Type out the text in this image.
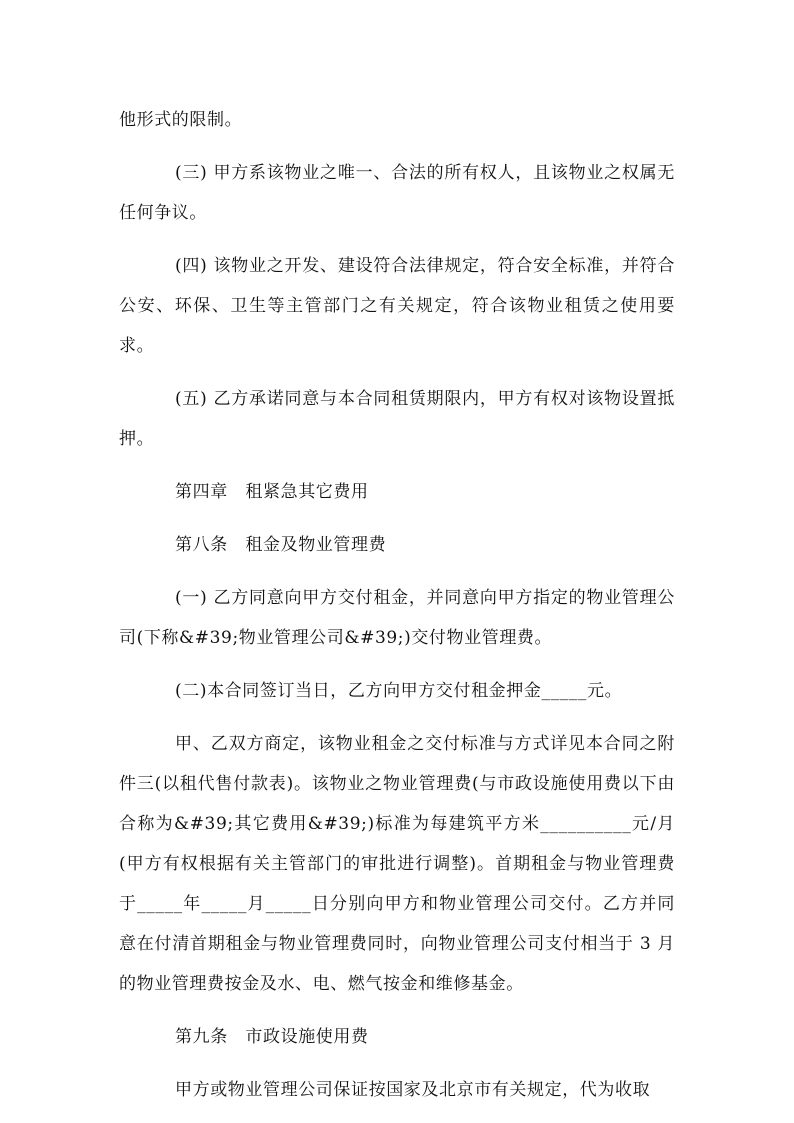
他形式的限制。

(三) 甲方系该物业之唯一、合法的所有权人，且该物业之权属无任何争议。

(四) 该物业之开发、建设符合法律规定，符合安全标准，并符合公安、环保、卫生等主管部门之有关规定，符合该物业租赁之使用要求。

(五) 乙方承诺同意与本合同租赁期限内，甲方有权对该物设置抵押。

第四章　租紧急其它费用

第八条　租金及物业管理费

(一) 乙方同意向甲方交付租金，并同意向甲方指定的物业管理公司(下称&#39;物业管理公司&#39;)交付物业管理费。

(二)本合同签订当日，乙方向甲方交付租金押金_____元。

甲、乙双方商定，该物业租金之交付标准与方式详见本合同之附件三(以租代售付款表)。该物业之物业管理费(与市政设施使用费以下由合称为&#39;其它费用&#39;)标准为每建筑平方米__________元/月(甲方有权根据有关主管部门的审批进行调整)。首期租金与物业管理费于_____年_____月_____日分别向甲方和物业管理公司交付。乙方并同意在付清首期租金与物业管理费同时，向物业管理公司支付相当于 3 月的物业管理费按金及水、电、燃气按金和维修基金。

第九条　市政设施使用费

甲方或物业管理公司保证按国家及北京市有关规定，代为收取
